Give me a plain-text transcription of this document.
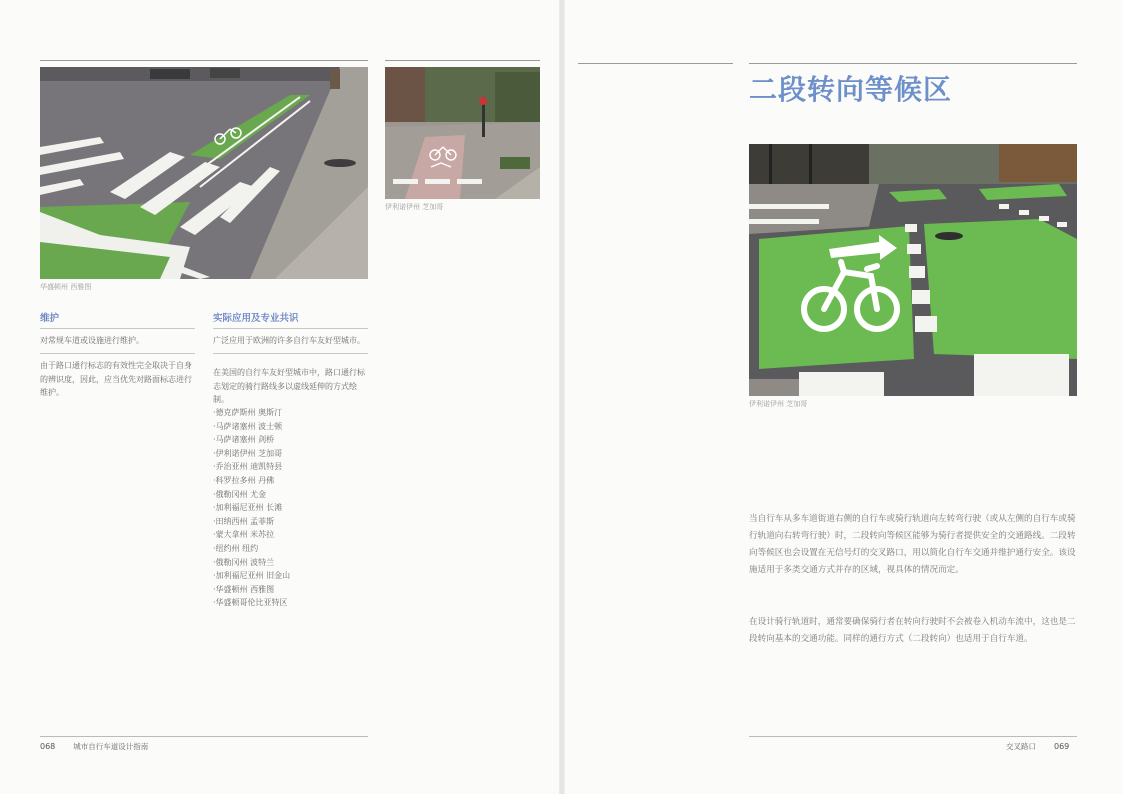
华盛顿州 西雅图
伊利诺伊州 芝加哥
维护

对常规车道或设施进行维护。

由于路口通行标志的有效性完全取决于自身的辨识度，因此，应当优先对路面标志进行维护。

实际应用及专业共识

广泛应用于欧洲的许多自行车友好型城市。

在美国的自行车友好型城市中，路口通行标志划定的骑行路线多以虚线延伸的方式绘制。

·德克萨斯州 奥斯汀
·马萨诸塞州 波士顿
·马萨诸塞州 剑桥
·伊利诺伊州 芝加哥
·乔治亚州 迪凯特县
·科罗拉多州 丹佛
·俄勒冈州 尤金
·加利福尼亚州 长滩
·田纳西州 孟菲斯
·蒙大拿州 米苏拉
·纽约州 纽约
·俄勒冈州 波特兰
·加利福尼亚州 旧金山
·华盛顿州 西雅图
·华盛顿哥伦比亚特区
068 城市自行车道设计指南
二段转向等候区
伊利诺伊州 芝加哥

当自行车从多车道街道右侧的自行车或骑行轨道向左转弯行驶（或从左侧的自行车或骑行轨道向右转弯行驶）时，二段转向等候区能够为骑行者提供安全的交通路线。二段转向等候区也会设置在无信号灯的交叉路口，用以简化自行车交通并维护通行安全。该设施适用于多类交通方式并存的区域，视具体的情况而定。

在设计骑行轨道时，通常要确保骑行者在转向行驶时不会被卷入机动车流中，这也是二段转向基本的交通功能。同样的通行方式（二段转向）也适用于自行车道。

交叉路口 069
